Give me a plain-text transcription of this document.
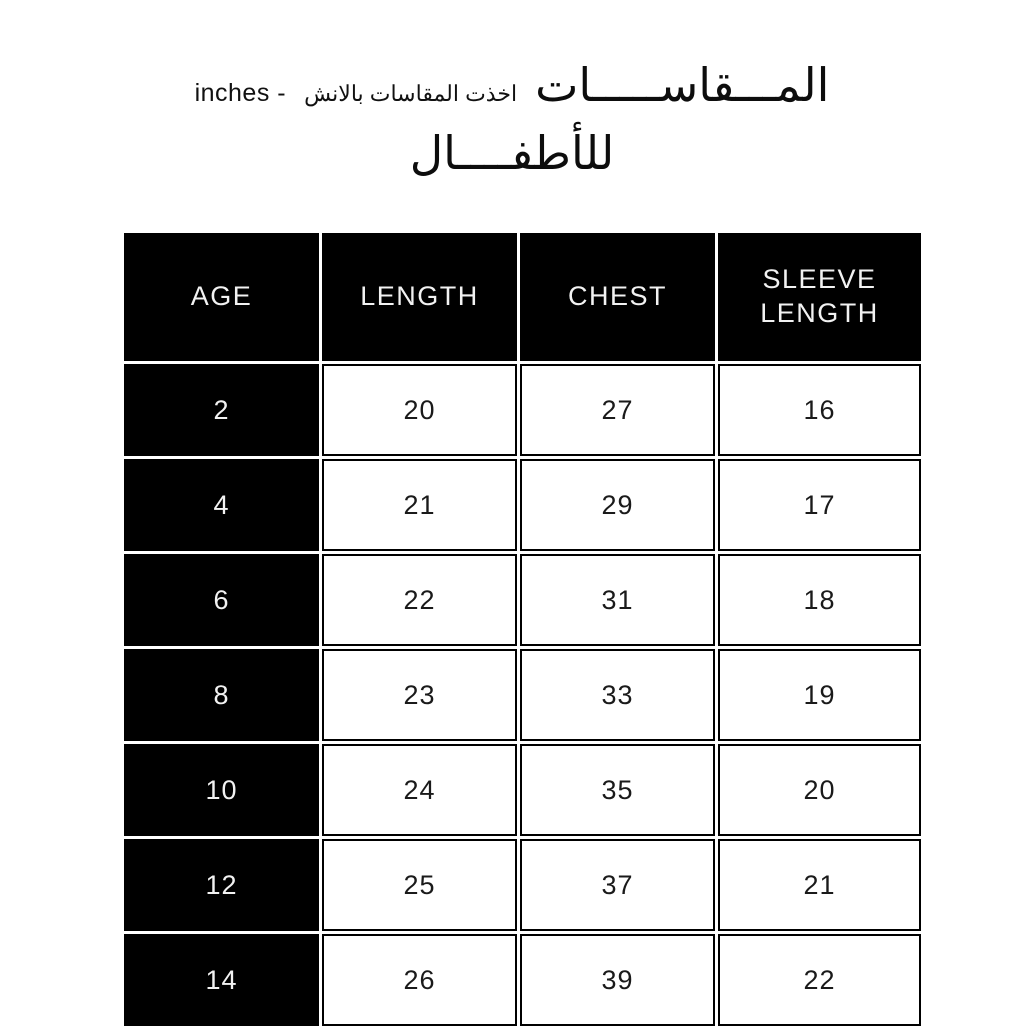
inches - اخذت المقاسات بالانش المـــقاســـــات
للأطفــــال
AGE	LENGTH	CHEST	SLEEVE LENGTH
2	20	27	16
4	21	29	17
6	22	31	18
8	23	33	19
10	24	35	20
12	25	37	21
14	26	39	22
